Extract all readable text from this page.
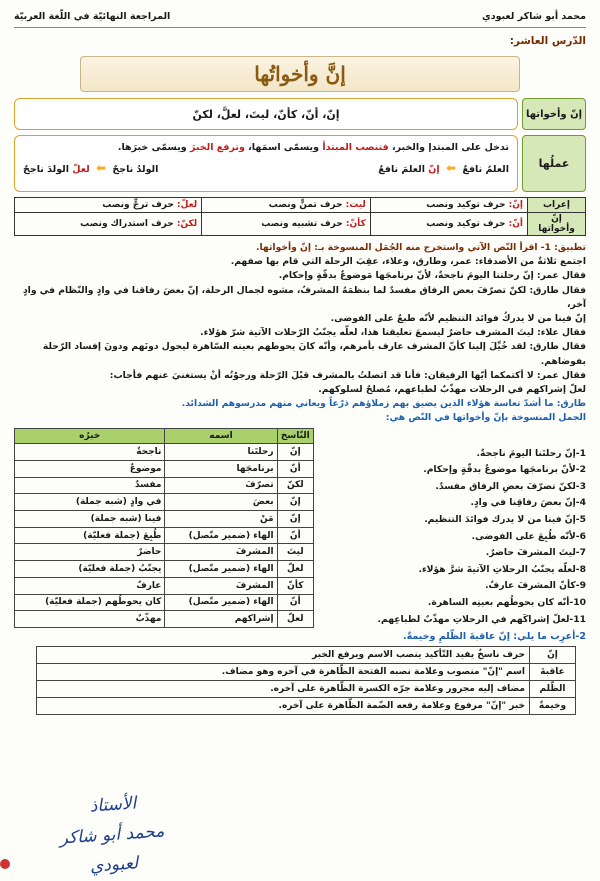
محمد أبو شاكر لعبودي
المراجعة النهائيّة في اللّغة العربيّة
الدّرس العاشر:
إنَّ وأخواتُها
إنّ وأخواتها
إنّ، أنّ، كأنّ، ليتَ، لعلَّ، لكنّ
عملُها
تدخل على المبتدإ والخبر، فتنصب المبتدأ ويسمّى اسمَها، وترفع الخبرَ ويسمّى خبرَها.
العلمُ نافعٌ ⬅ إنّ العلمَ نافعٌ
الولدُ ناجحٌ ⬅ لعلّ الولدَ ناجحٌ
إعراب	إنّ: حرف توكيد ونصب	ليت: حرف تمنٍّ ونصب	لعلّ: حرف ترجٍّ ونصب
إنّ وأخواتها	أنّ: حرف توكيد ونصب	كأنّ: حرف تشبيه ونصب	لكنّ: حرف استدراك ونصب
تطبيق: 1- اقرأ النّص الآتي واستخرج منه الجُمَل المنسوخة بـ: إنّ وأخواتها.
اجتمع ثلاثةٌ من الأصدقاء: عمر، وطارق، وعلاء، عقِبَ الرحلة التي قام بها صفهم.
فقال عمر: إنّ رحلتنا اليومَ ناجحةٌ، لأنّ برنامجَها مَوضوعٌ بدقّةٍ وإحكام.
فقال طارق: لكنّ تصرّفَ بعض الرفاق مفسدٌ لما بنظمَهُ المشرفُ، مشوه لجمال الرحلة، إنّ بعضَ رفاقنا في وادٍ والنّظام في وادٍ آخر،
إنّ فينا من لا يدركُ فوائد التنظيم لأنّه طبعٌ على الفوضى.
فقال علاء: ليتَ المشرف حاضرٌ ليسمعَ تعليقنا هذا، لعلّه يجنّبُ الرّحلات الآتية شرّ هؤلاء.
فقال طارق: لقد خُيِّلَ إلينا كأنّ المشرف عارف بأمرهم، وأنّه كانَ يحوطهم بعينه السّاهرة ليحول دونَهم ودونَ إفساد الرّحلة
بفوضاهم.
فقال عمر: لا أكتمكما أيّها الرفيقان: فأنا قد اتصلتُ بالمشرف قبْلَ الرّحلة ورجوْتُه أنْ يستغنيَ عنهم فأجاب:
لعلّ إشراكهم في الرحلات مهذّبٌ لطباعهم، مُصلحٌ لسلوكهم.
طارق: ما أشدّ تعاسة هؤلاء الذين يضيق بهم زملاؤهم ذرْعاً ويعاني منهم مدرسوهم الشدائد.
الجمل المنسوخة بإنّ وأخواتها في النّص هي:
1-إنّ رحلتَنا اليومَ ناجحةٌ.
2-لأنّ برنامجَها موضوعٌ بدقّةٍ وإحكام.
3-لكنّ تصرّفَ بعضِ الرفاق مفسدٌ.
4-إنّ بعضَ رفاقِنا في وادٍ.
5-إنّ فينا من لا يدرك فوائدَ التنظيم.
6-لأنّه طُبِعَ على الفوضى.
7-ليتَ المشرفَ حاضرٌ.
8-لعلّه يجنّبُ الرحلاتِ الآتيةَ شرَّ هؤلاء.
9-كأنّ المشرفَ عارفٌ.
10-أنّه كان يحوطُهم بعينِه الساهرة.
11-لعلّ إشراكَهم في الرحلاتِ مهذّبٌ لطباعِهم.
النّاسخ	اسمه	خبرُه
إنّ	رحلتَنا	ناجحةٌ
أنّ	برنامجَها	موضوعٌ
لكنّ	تصرّفَ	مفسدٌ
إنّ	بعضَ	في وادٍ (شبه جملة)
إنّ	مَنْ	فينا (شبه جملة)
أنّ	الهاء (ضمير متّصل)	طُبِعَ (جملة فعليّة)
ليتَ	المشرفَ	حاضرٌ
لعلّ	الهاء (ضمير متّصل)	يجنّبُ (جملة فعليّة)
كأنّ	المشرفَ	عارفٌ
أنّ	الهاء (ضمير متّصل)	كان يحوطُهم (جملة فعليّة)
لعلّ	إشراكهم	مهذّبٌ
2-أعرِب ما يلي: إنّ عاقبةَ الظّلمِ وخيمةٌ.
إنّ	حرف ناسخٌ يفيد التّأكيد ينصب الاسم ويرفع الخبر
عاقبةَ	اسم "إنّ" منصوب وعلامة نصبه الفتحة الظّاهرة في آخره وهو مضاف.
الظّلم	مضاف إليه مجرور وعلامة جرّه الكسرة الظّاهرة على آخره.
وخيمةٌ	خبر "إنّ" مرفوع وعلامة رفعه الضّمة الظّاهرة على آخره.
الأستاذ
محمد أبو شاكر لعبودي
